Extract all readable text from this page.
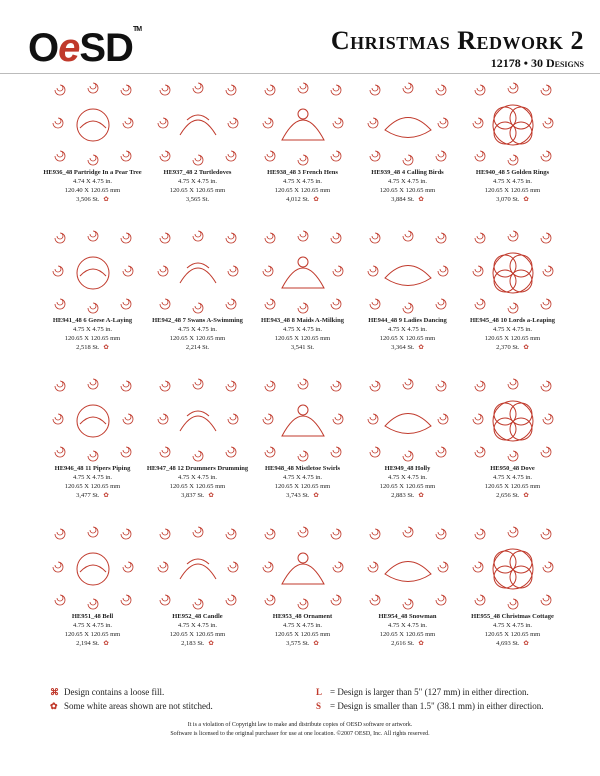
OeSD™	Christmas Redwork 2
12178 • 30 Designs
HE936_48 Partridge In a Pear Tree
4.74 X 4.75 in.
120.40 X 120.65 mm
3,506 St. ✿
HE937_48 2 Turtledoves
4.75 X 4.75 in.
120.65 X 120.65 mm
3,565 St.
HE938_48 3 French Hens
4.75 X 4.75 in.
120.65 X 120.65 mm
4,012 St. ✿
HE939_48 4 Calling Birds
4.75 X 4.75 in.
120.65 X 120.65 mm
3,884 St. ✿
HE940_48 5 Golden Rings
4.75 X 4.75 in.
120.65 X 120.65 mm
3,070 St. ✿
HE941_48 6 Geese A-Laying
4.75 X 4.75 in.
120.65 X 120.65 mm
2,518 St. ✿
HE942_48 7 Swans A-Swimming
4.75 X 4.75 in.
120.65 X 120.65 mm
2,214 St.
HE943_48 8 Maids A-Milking
4.75 X 4.75 in.
120.65 X 120.65 mm
3,541 St.
HE944_48 9 Ladies Dancing
4.75 X 4.75 in.
120.65 X 120.65 mm
3,364 St. ✿
HE945_48 10 Lords a-Leaping
4.75 X 4.75 in.
120.65 X 120.65 mm
2,370 St. ✿
HE946_48 11 Pipers Piping
4.75 X 4.75 in.
120.65 X 120.65 mm
3,477 St. ✿
HE947_48 12 Drummers Drumming
4.75 X 4.75 in.
120.65 X 120.65 mm
3,837 St. ✿
HE948_48 Mistletoe Swirls
4.75 X 4.75 in.
120.65 X 120.65 mm
3,743 St. ✿
HE949_48 Holly
4.75 X 4.75 in.
120.65 X 120.65 mm
2,883 St. ✿
HE950_48 Dove
4.75 X 4.75 in.
120.65 X 120.65 mm
2,656 St. ✿
HE951_48 Bell
4.75 X 4.75 in.
120.65 X 120.65 mm
2,194 St. ✿
HE952_48 Candle
4.75 X 4.75 in.
120.65 X 120.65 mm
2,183 St. ✿
HE953_48 Ornament
4.75 X 4.75 in.
120.65 X 120.65 mm
3,575 St. ✿
HE954_48 Snowman
4.75 X 4.75 in.
120.65 X 120.65 mm
2,616 St. ✿
HE955_48 Christmas Cottage
4.75 X 4.75 in.
120.65 X 120.65 mm
4,693 St. ✿
⌘ Design contains a loose fill.
✿ Some white areas shown are not stitched.
L = Design is larger than 5" (127 mm) in either direction.
S = Design is smaller than 1.5" (38.1 mm) in either direction.
It is a violation of Copyright law to make and distribute copies of OESD software or artwork.
Software is licensed to the original purchaser for use at one location. ©2007 OESD, Inc. All rights reserved.
